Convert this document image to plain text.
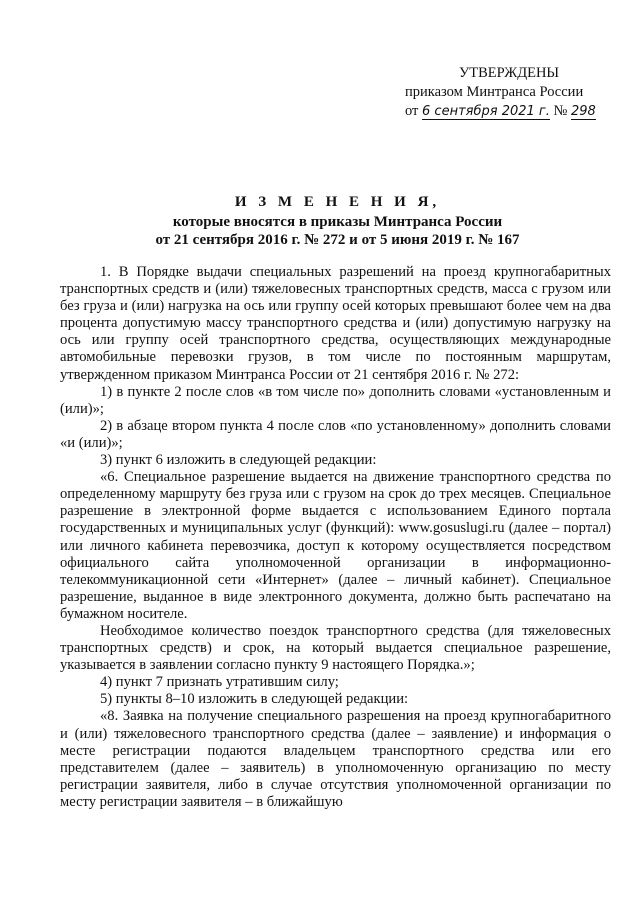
УТВЕРЖДЕНЫ
приказом Минтранса России
от 6 сентября 2021 г. № 298
И З М Е Н Е Н И Я,
которые вносятся в приказы Минтранса России
от 21 сентября 2016 г. № 272 и от 5 июня 2019 г. № 167

1. В Порядке выдачи специальных разрешений на проезд крупногабаритных транспортных средств и (или) тяжеловесных транспортных средств, масса с грузом или без груза и (или) нагрузка на ось или группу осей которых превышают более чем на два процента допустимую массу транспортного средства и (или) допустимую нагрузку на ось или группу осей транспортного средства, осуществляющих международные автомобильные перевозки грузов, в том числе по постоянным маршрутам, утвержденном приказом Минтранса России от 21 сентября 2016 г. № 272:

1) в пункте 2 после слов «в том числе по» дополнить словами «установленным и (или)»;

2) в абзаце втором пункта 4 после слов «по установленному» дополнить словами «и (или)»;

3) пункт 6 изложить в следующей редакции:

«6. Специальное разрешение выдается на движение транспортного средства по определенному маршруту без груза или с грузом на срок до трех месяцев. Специальное разрешение в электронной форме выдается с использованием Единого портала государственных и муниципальных услуг (функций): www.gosuslugi.ru (далее – портал) или личного кабинета перевозчика, доступ к которому осуществляется посредством официального сайта уполномоченной организации в информационно-телекоммуникационной сети «Интернет» (далее – личный кабинет). Специальное разрешение, выданное в виде электронного документа, должно быть распечатано на бумажном носителе.

Необходимое количество поездок транспортного средства (для тяжеловесных транспортных средств) и срок, на который выдается специальное разрешение, указывается в заявлении согласно пункту 9 настоящего Порядка.»;

4) пункт 7 признать утратившим силу;

5) пункты 8–10 изложить в следующей редакции:

«8. Заявка на получение специального разрешения на проезд крупногабаритного и (или) тяжеловесного транспортного средства (далее – заявление) и информация о месте регистрации подаются владельцем транспортного средства или его представителем (далее – заявитель) в уполномоченную организацию по месту регистрации заявителя, либо в случае отсутствия уполномоченной организации по месту регистрации заявителя – в ближайшую
